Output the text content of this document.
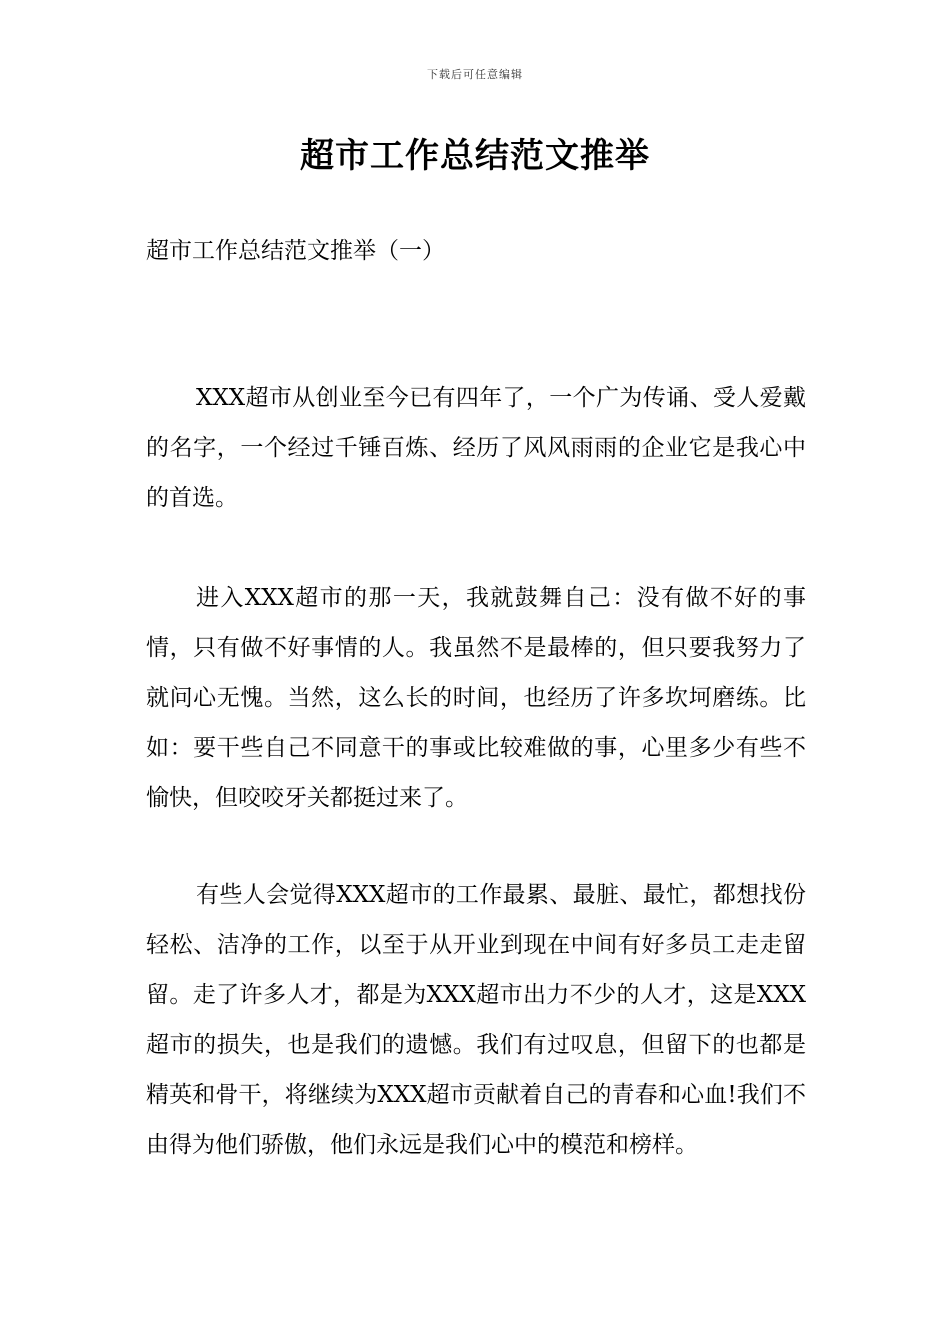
下载后可任意编辑
超市工作总结范文推举

超市工作总结范文推举（一）

XXX超市从创业至今已有四年了，一个广为传诵、受人爱戴的名字，一个经过千锤百炼、经历了风风雨雨的企业它是我心中的首选。

进入XXX超市的那一天，我就鼓舞自己：没有做不好的事情，只有做不好事情的人。我虽然不是最棒的，但只要我努力了就问心无愧。当然，这么长的时间，也经历了许多坎坷磨练。比如：要干些自己不同意干的事或比较难做的事，心里多少有些不愉快，但咬咬牙关都挺过来了。

有些人会觉得XXX超市的工作最累、最脏、最忙，都想找份轻松、洁净的工作，以至于从开业到现在中间有好多员工走走留留。走了许多人才，都是为XXX超市出力不少的人才，这是XXX超市的损失，也是我们的遗憾。我们有过叹息，但留下的也都是精英和骨干，将继续为XXX超市贡献着自己的青春和心血!我们不由得为他们骄傲，他们永远是我们心中的模范和榜样。
